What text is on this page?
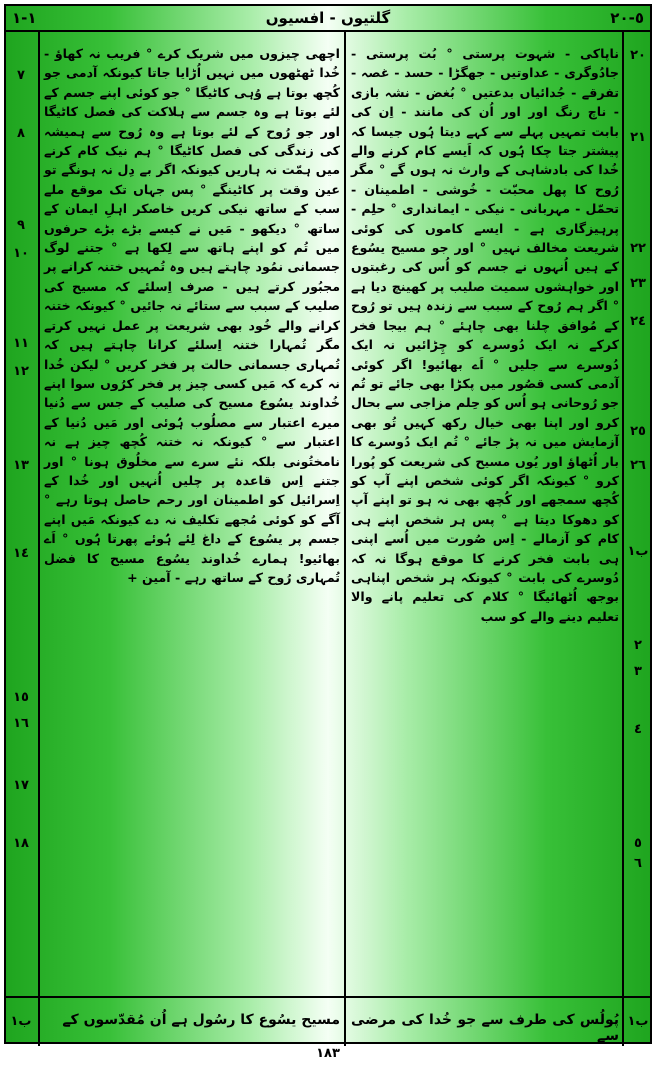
١-١	گلتیوں - افسیوں	٥-٢٠

ناپاکی - شہوت پرستی ° بُت پرستی - جادُوگری - عداوتیں - جھگڑا - حسد - غصہ - تفرقے - جُدائیاں بدعتیں ° بُغض - نشہ بازی - ناچ رنگ اور اور اُن کی مانند - اِن کی بابت تمہیں پہلے سے کہے دیتا ہُوں جیسا کہ پیشتر جتا چکا ہُوں کہ اَیسے کام کرنے والے خُدا کی بادشاہی کے وارث نہ ہوں گے ° مگر رُوح کا پھل محبّت - خُوشی - اطمینان - تحمّل - مہربانی - نیکی - ایمانداری ° حلِم - پرہیزگاری ہے - ایسے کاموں کی کوئی شریعت مخالف نہیں ° اور جو مسیح یسُوع کے ہیں اُنہوں نے جسم کو اُس کی رغبتوں اور خواہشوں سمیت صلیب پر کھینچ دیا ہے ° اگر ہم رُوح کے سبب سے زندہ ہیں تو رُوح کے مُوافق چلنا بھی چاہئے ° ہم بیجا فخر کرکے نہ ایک دُوسرے کو چِڑائیں نہ ایک دُوسرے سے جلیں ° اَے بھائیو! اگر کوئی آدمی کسی قصُور میں پکڑا بھی جائے تو تُم جو رُوحانی ہو اُس کو حِلم مزاجی سے بحال کرو اور اپنا بھی خیال رکھ کہیں تُو بھی آزمایش میں نہ پڑ جائے ° تُم ایک دُوسرے کا بار اُٹھاؤ اور یُوں مسیح کی شریعت کو پُورا کرو ° کیونکہ اگر کوئی شخص اپنے آپ کو کُچھ سمجھے اور کُچھ بھی نہ ہو تو اپنے آپ کو دھوکا دیتا ہے ° پس ہر شخص اپنے ہی کام کو آزمالے - اِس صُورت میں اُسے اپنی ہی بابت فخر کرنے کا موقع ہوگا نہ کہ دُوسرے کی بابت ° کیونکہ ہر شخص اپناہی بوجھ اُٹھائیگا ° کلام کی تعلیم پانے والا تعلیم دینے والے کو سب

اچھی چیزوں میں شریک کرے ° فریب نہ کھاؤ - خُدا ٹھٹھوں میں نہیں اُڑایا جاتا کیونکہ آدمی جو کُچھ بوتا ہے وُہی کاٹیگا ° جو کوئی اپنے جسم کے لئے بوتا ہے وہ جسم سے ہلاکت کی فصل کاٹیگا اور جو رُوح کے لئے بوتا ہے وہ رُوح سے ہمیشہ کی زندگی کی فصل کاٹیگا ° ہم نیک کام کرنے میں ہمّت نہ ہاریں کیونکہ اگر بے دِل نہ ہونگے تو عین وقت پر کاٹینگے ° پس جہاں تک موقع ملے سب کے ساتھ نیکی کریں خاصکر اہلِ ایمان کے ساتھ ° دیکھو - مَیں نے کیسے بڑے بڑے حرفوں میں تُم کو اپنے ہاتھ سے لِکھا ہے ° جتنے لوگ جسمانی نمُود چاہتے ہیں وہ تُمہیں ختنہ کرانے پر مجبُور کرتے ہیں - صرف اِسلئے کہ مسیح کی صلیب کے سبب سے ستائے نہ جائیں ° کیونکہ ختنہ کرانے والے خُود بھی شریعت پر عمل نہیں کرتے مگر تُمہارا ختنہ اِسلئے کرانا چاہتے ہیں کہ تُمہاری جسمانی حالت پر فخر کریں ° لیکن خُدا نہ کرے کہ مَیں کسی چیز پر فخر کرُوں سوا اپنے خُداوند یسُوع مسیح کی صلیب کے جس سے دُنیا میرے اعتبار سے مصلُوب ہُوئی اور مَیں دُنیا کے اعتبار سے ° کیونکہ نہ ختنہ کُچھ چیز ہے نہ نامختُونی بلکہ نئے سرے سے مخلُوق ہونا ° اور جتنے اِس قاعدہ پر چلیں اُنہیں اور خُدا کے اِسرائیل کو اطمینان اور رحم حاصل ہوتا رہے ° آگے کو کوئی مُجھے تکلیف نہ دے کیونکہ مَیں اپنے جسم پر یسُوع کے داغ لِئے ہُوئے پھرتا ہُوں ° اَے بھائیو! ہمارے خُداوند یسُوع مسیح کا فضل تُمہاری رُوح کے ساتھ رہے - آمین +

٢٠
٢١
٢٢
٢٣
٢٤
٢٥
٢٦
ب١
٢
٣
٤
٥
٦
٧
٨
٩
١٠
١١
١٢
١٣
١٤
١٥
١٦
١٧
١٨
ب١
پُولُس کی طرف سے جو خُدا کی مرضی سے
مسیح یسُوع کا رسُول ہے اُن مُقدّسوں کے
ب١
١٨٣
